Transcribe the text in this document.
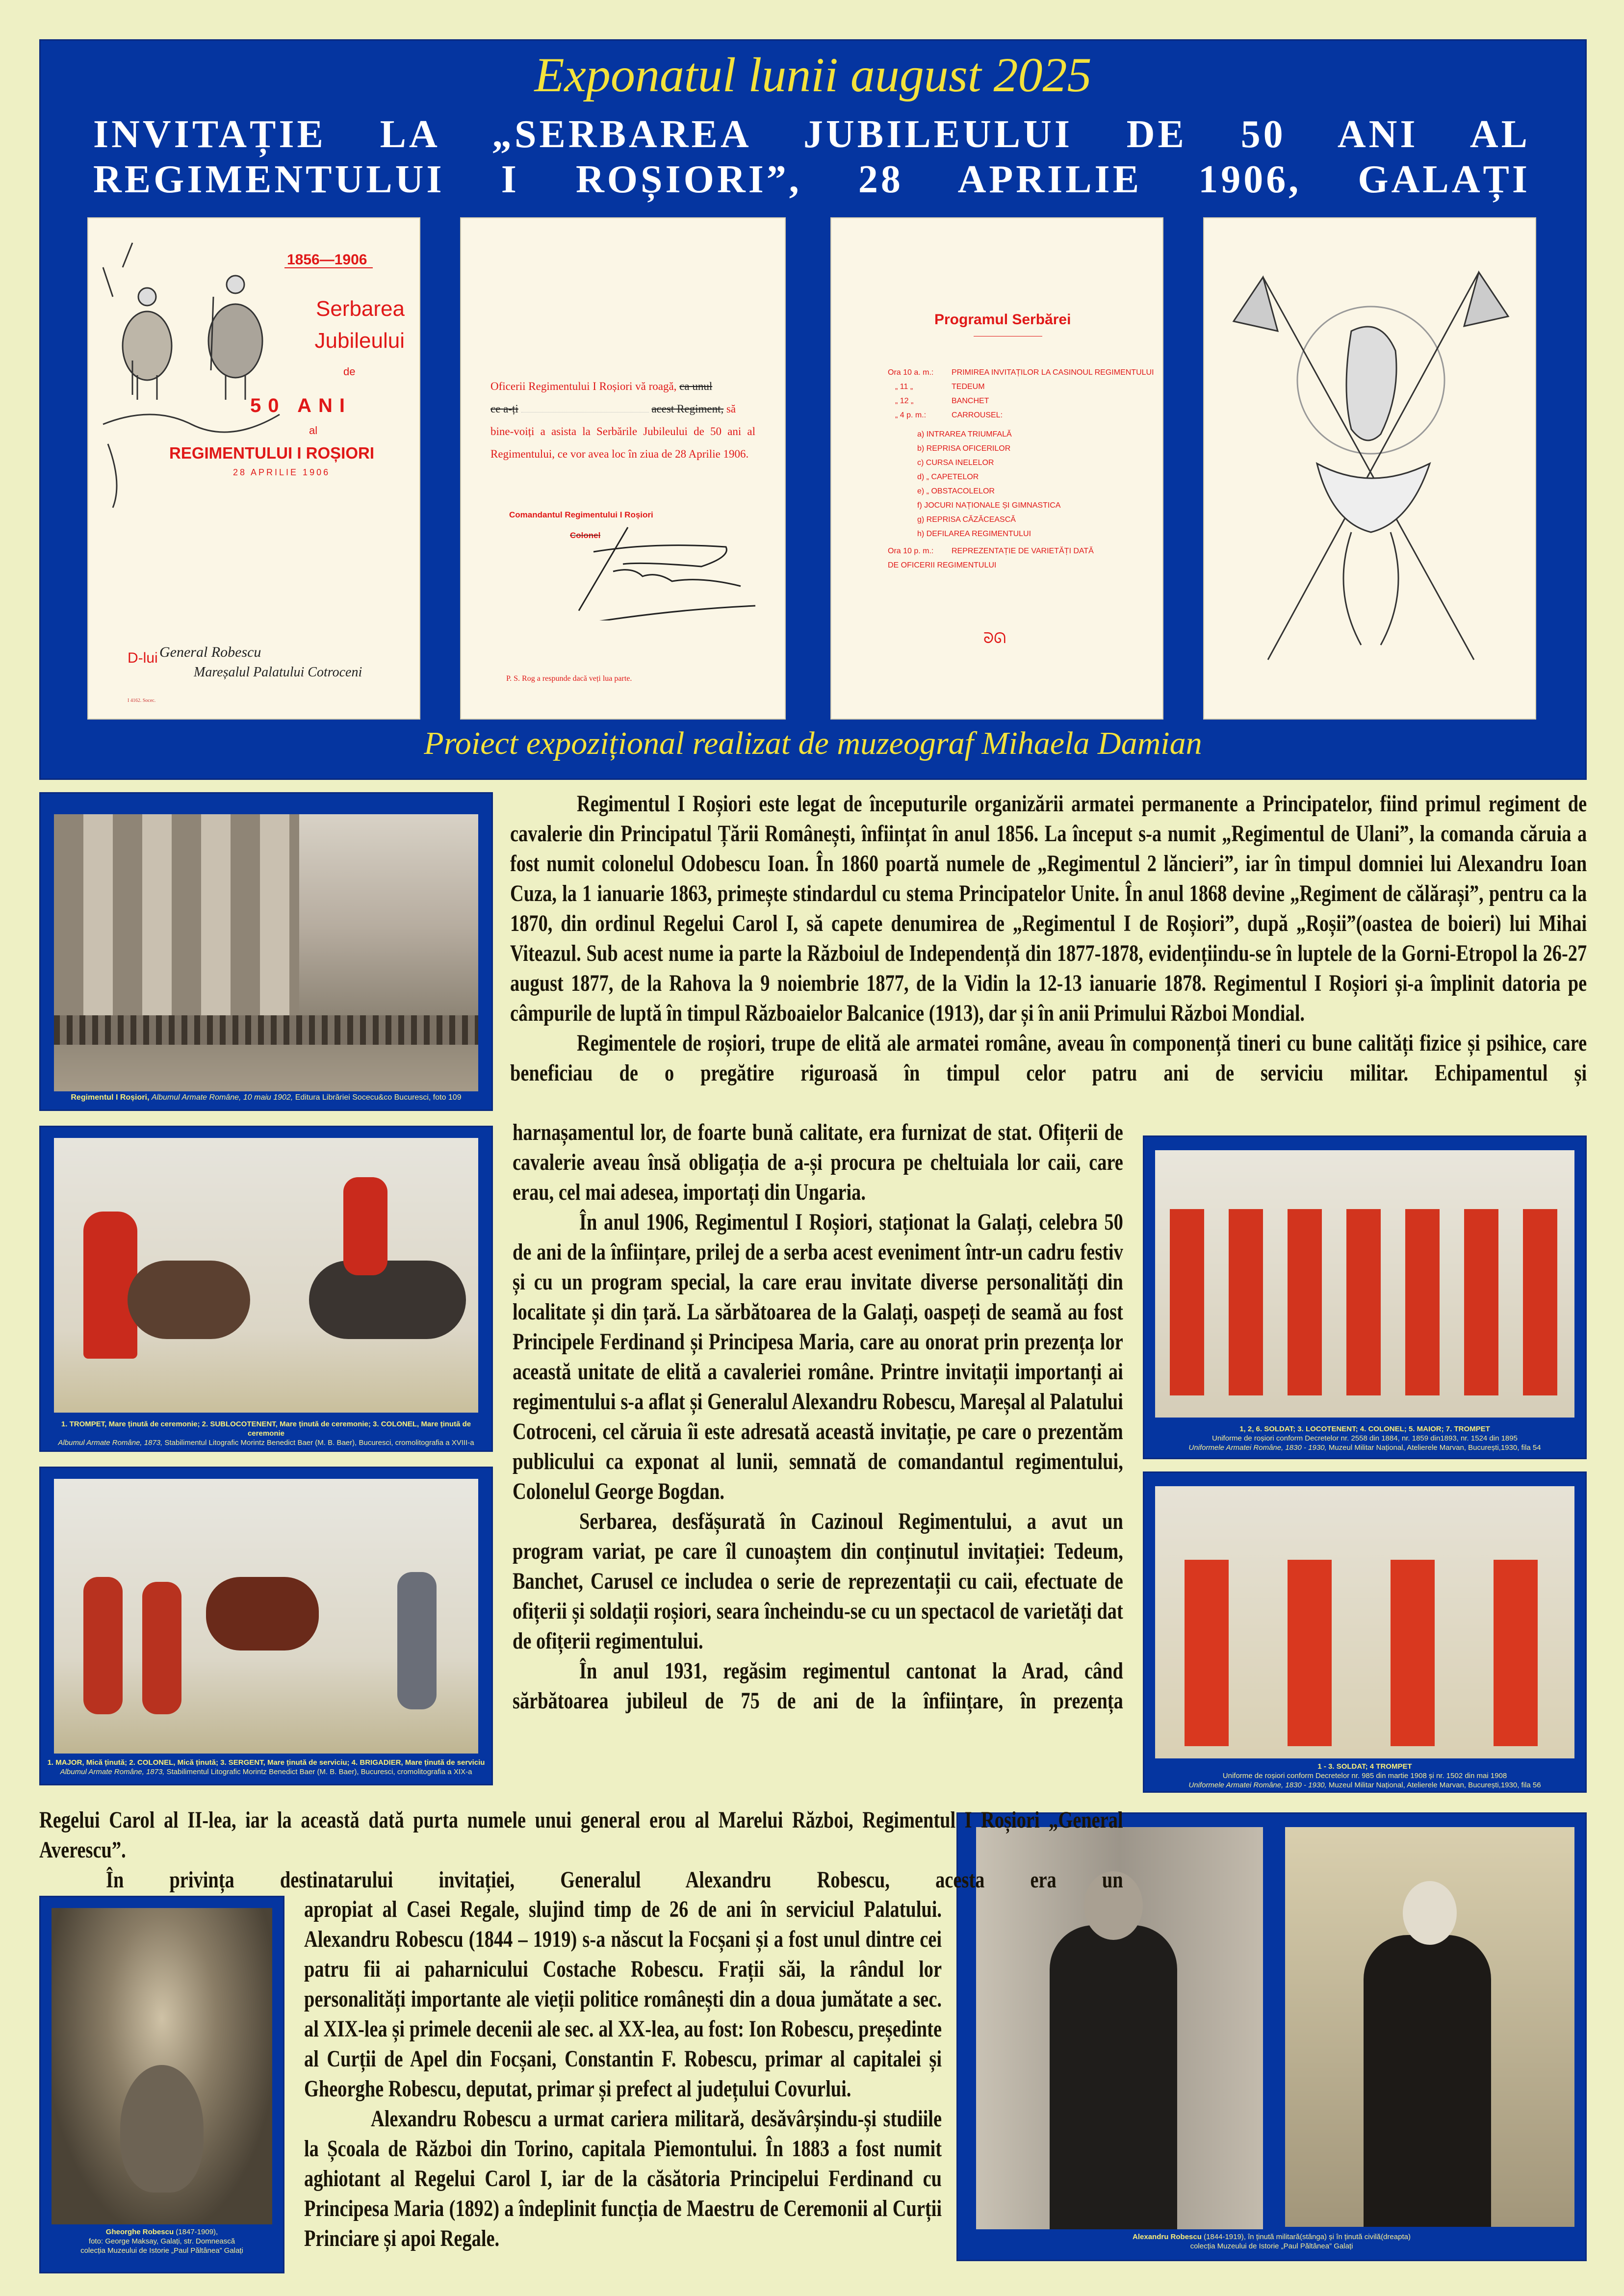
Exponatul lunii august 2025
INVITAȚIE LA „SERBAREA JUBILEULUI DE 50 ANI AL
REGIMENTULUI I ROȘIORI”, 28 APRILIE 1906, GALAȚI
1856—1906
Serbarea
Jubileului
de
50 ANI
al
REGIMENTULUI I ROȘIORI
28 APRILIE 1906
D-lui General Robescu
Mareșalul Palatului Cotroceni
I 4162. Socec.
Oficerii Regimentului I Roșiori vă roagă, ca unul
ce a-ți	acest Regiment, să
bine-voiți a asista la Serbările Jubileului de 50 ani al Regimentului, ce vor avea loc în ziua de 28 Aprilie 1906.
Comandantul Regimentului I Roșiori
Colonel
P. S. Rog a respunde dacă veți lua parte.
Programul Serbărei
Ora 10 a. m.: PRIMIREA INVITAȚILOR LA CASINOUL REGIMENTULUI
„ 11 „	TEDEUM
„ 12 „	BANCHET
„ 4 p. m.:	CARROUSEL:
a) INTRAREA TRIUMFALĂ
b) REPRISA OFICERILOR
c) CURSA INELELOR
d) „ CAPETELOR
e) „ OBSTACOLELOR
f) JOCURI NAȚIONALE ȘI GIMNASTICA
g) REPRISA CĂZĂCEASCĂ
h) DEFILAREA REGIMENTULUI
Ora 10 p. m.: REPREZENTAȚIE DE VARIETĂȚI DATĂ DE OFICERII REGIMENTULUI
ᘐᘏ
Proiect expozițional realizat de muzeograf Mihaela Damian
Regimentul I Roșiori, Albumul Armate Române, 10 maiu 1902, Editura Librăriei Socecu&co Bucuresci, foto 109
1. TROMPET, Mare ținută de ceremonie; 2. SUBLOCOTENENT, Mare ținută de ceremonie; 3. COLONEL, Mare ținută de ceremonie
Albumul Armate Române, 1873, Stabilimentul Litografic Morintz Benedict Baer (M. B. Baer), Bucuresci, cromolitografia a XVIII-a
1. MAJOR, Mică ținută; 2. COLONEL, Mică ținută; 3. SERGENT, Mare ținută de serviciu; 4. BRIGADIER, Mare ținută de serviciu
Albumul Armate Române, 1873, Stabilimentul Litografic Morintz Benedict Baer (M. B. Baer), Bucuresci, cromolitografia a XIX-a
1, 2, 6. SOLDAT; 3. LOCOTENENT; 4. COLONEL; 5. MAIOR; 7. TROMPET
Uniforme de roșiori conform Decretelor nr. 2558 din 1884, nr. 1859 din1893, nr. 1524 din 1895
Uniformele Armatei Române, 1830 - 1930, Muzeul Militar Național, Atelierele Marvan, București,1930, fila 54
1 - 3. SOLDAT; 4 TROMPET
Uniforme de roșiori conform Decretelor nr. 985 din martie 1908 și nr. 1502 din mai 1908
Uniformele Armatei Române, 1830 - 1930, Muzeul Militar Național, Atelierele Marvan, București,1930, fila 56
Gheorghe Robescu (1847-1909),
foto: George Maksay, Galați, str. Domnească
colecția Muzeului de Istorie „Paul Păltânea” Galați
Alexandru Robescu (1844-1919), în ținută militară(stânga) și în ținută civilă(dreapta)
colecția Muzeului de Istorie „Paul Păltânea” Galați

Regimentul I Roșiori este legat de începuturile organizării armatei permanente a Principatelor, fiind primul regiment de cavalerie din Principatul Țării Românești, înființat în anul 1856. La început s-a numit „Regimentul de Ulani”, la comanda căruia a fost numit colonelul Odobescu Ioan. În 1860 poartă numele de „Regimentul 2 lăncieri”, iar în timpul domniei lui Alexandru Ioan Cuza, la 1 ianuarie 1863, primește stindardul cu stema Principatelor Unite. În anul 1868 devine „Regiment de călărași”, pentru ca la 1870, din ordinul Regelui Carol I, să capete denumirea de „Regimentul I de Roșiori”, după „Roșii”(oastea de boieri) lui Mihai Viteazul. Sub acest nume ia parte la Războiul de Independență din 1877-1878, evidențiindu-se în luptele de la Gorni-Etropol la 26-27 august 1877, de la Rahova la 9 noiembrie 1877, de la Vidin la 12-13 ianuarie 1878. Regimentul I Roșiori și-a împlinit datoria pe câmpurile de luptă în timpul Războaielor Balcanice (1913), dar și în anii Primului Război Mondial.

Regimentele de roșiori, trupe de elită ale armatei române, aveau în componență tineri cu bune calități fizice și psihice, care beneficiau de o pregătire riguroasă în timpul celor patru ani de serviciu militar. Echipamentul și

harnașamentul lor, de foarte bună calitate, era furnizat de stat. Ofițerii de cavalerie aveau însă obligația de a-și procura pe cheltuiala lor caii, care erau, cel mai adesea, importați din Ungaria.

În anul 1906, Regimentul I Roșiori, staționat la Galați, celebra 50 de ani de la înființare, prilej de a serba acest eveniment într-un cadru festiv și cu un program special, la care erau invitate diverse personalități din localitate și din țară. La sărbătoarea de la Galați, oaspeți de seamă au fost Principele Ferdinand și Principesa Maria, care au onorat prin prezența lor această unitate de elită a cavaleriei române. Printre invitații importanți ai regimentului s-a aflat și Generalul Alexandru Robescu, Mareșal al Palatului Cotroceni, cel căruia îi este adresată această invitație, pe care o prezentăm publicului ca exponat al lunii, semnată de comandantul regimentului, Colonelul George Bogdan.

Serbarea, desfășurată în Cazinoul Regimentului, a avut un program variat, pe care îl cunoaștem din conținutul invitației: Tedeum, Banchet, Carusel ce includea o serie de reprezentații cu caii, efectuate de ofițerii și soldații roșiori, seara încheindu-se cu un spectacol de varietăți dat de ofițerii regimentului.

În anul 1931, regăsim regimentul cantonat la Arad, când sărbătoarea jubileul de 75 de ani de la înființare, în prezența

Regelui Carol al II-lea, iar la această dată purta numele unui general erou al Marelui Război, Regimentul I Roșiori „General Averescu”.

În privința destinatarului invitației, Generalul Alexandru Robescu, acesta era un

apropiat al Casei Regale, slujind timp de 26 de ani în serviciul Palatului. Alexandru Robescu (1844 – 1919) s-a născut la Focșani și a fost unul dintre cei patru fii ai paharnicului Costache Robescu. Frații săi, la rândul lor personalități importante ale vieții politice românești din a doua jumătate a sec. al XIX-lea și primele decenii ale sec. al XX-lea, au fost: Ion Robescu, președinte al Curții de Apel din Focșani, Constantin F. Robescu, primar al capitalei și Gheorghe Robescu, deputat, primar și prefect al județului Covurlui.

Alexandru Robescu a urmat cariera militară, desăvârșindu-și studiile la Școala de Război din Torino, capitala Piemontului. În 1883 a fost numit aghiotant al Regelui Carol I, iar de la căsătoria Principelui Ferdinand cu Principesa Maria (1892) a îndeplinit funcția de Maestru de Ceremonii al Curții Princiare și apoi Regale.
